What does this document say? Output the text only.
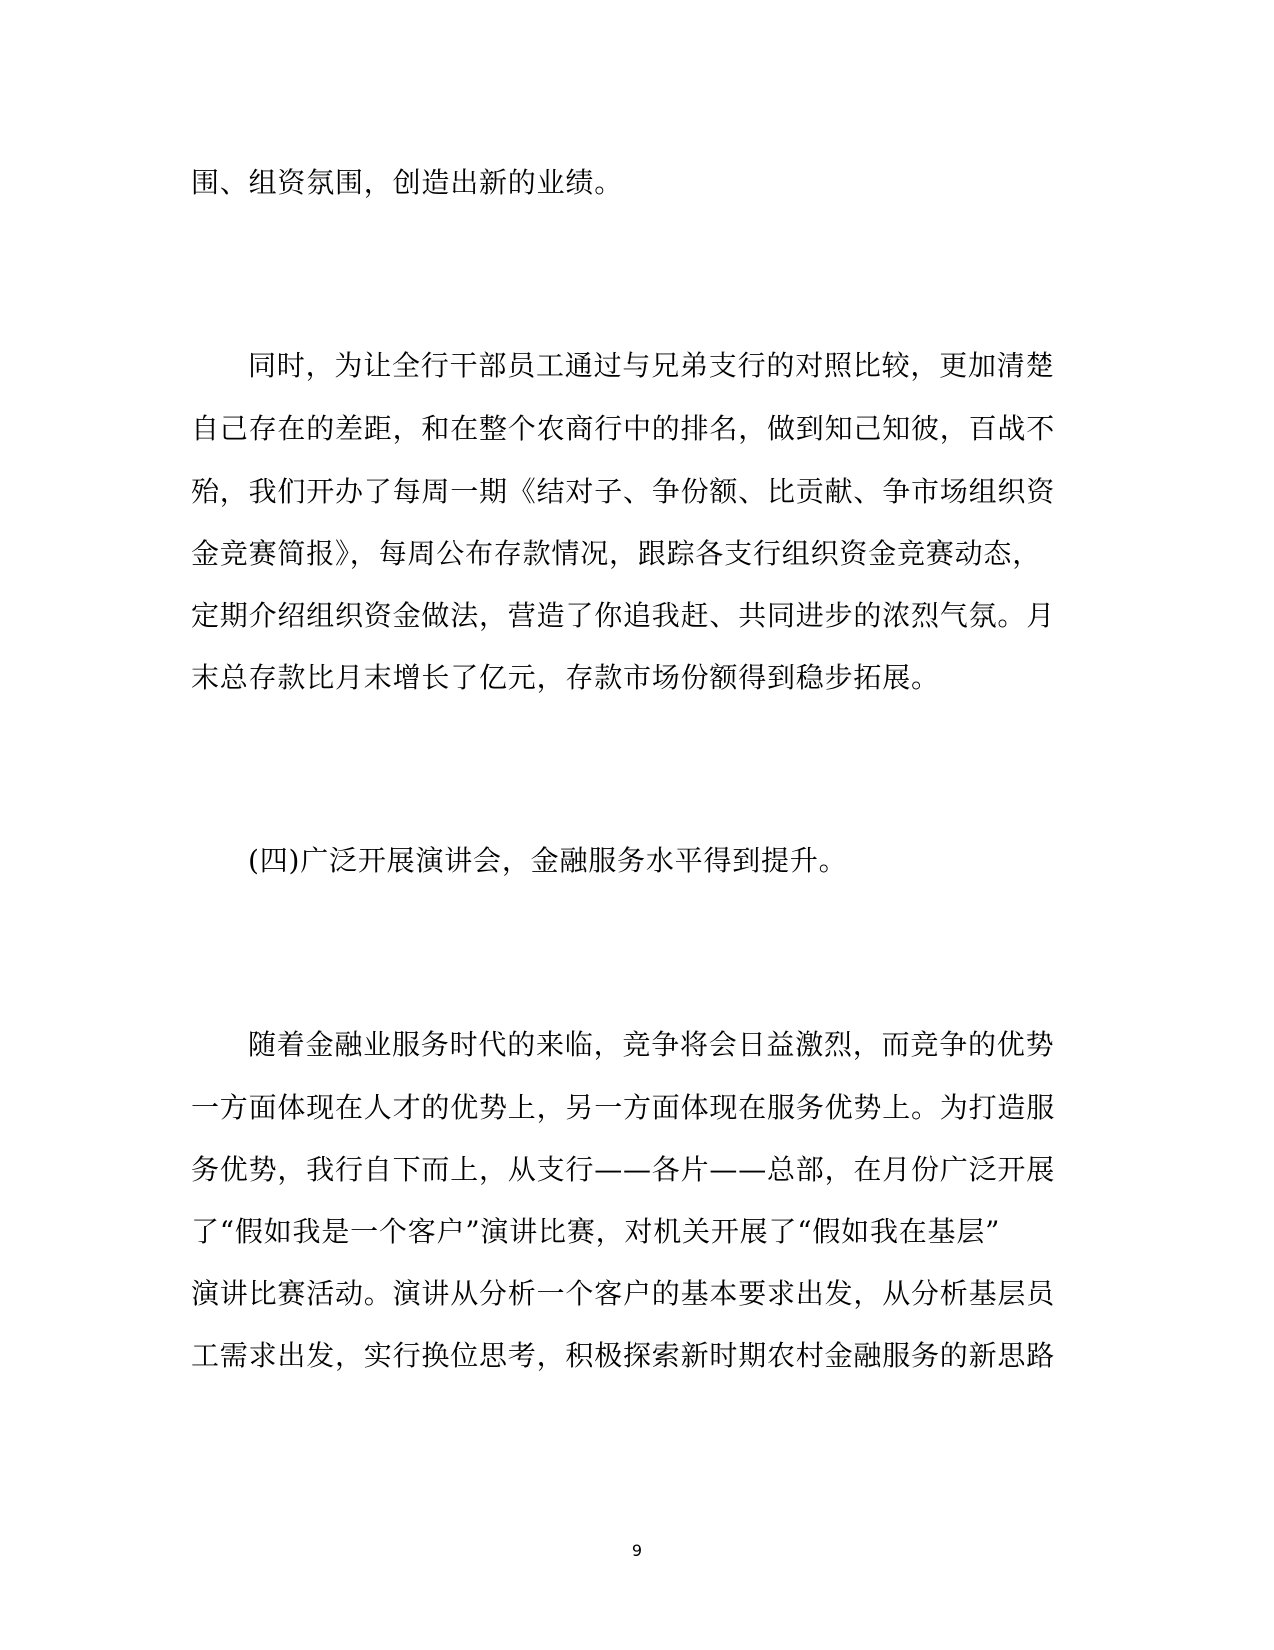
围、组资氛围，创造出新的业绩。
同时，为让全行干部员工通过与兄弟支行的对照比较，更加清楚
自己存在的差距，和在整个农商行中的排名，做到知己知彼，百战不
殆，我们开办了每周一期《结对子、争份额、比贡献、争市场组织资
金竞赛简报》，每周公布存款情况，跟踪各支行组织资金竞赛动态，
定期介绍组织资金做法，营造了你追我赶、共同进步的浓烈气氛。月
末总存款比月末增长了亿元，存款市场份额得到稳步拓展。
(四)广泛开展演讲会，金融服务水平得到提升。
随着金融业服务时代的来临，竞争将会日益激烈，而竞争的优势
一方面体现在人才的优势上，另一方面体现在服务优势上。为打造服
务优势，我行自下而上，从支行——各片——总部，在月份广泛开展
了“假如我是一个客户”演讲比赛，对机关开展了“假如我在基层”
演讲比赛活动。演讲从分析一个客户的基本要求出发，从分析基层员
工需求出发，实行换位思考，积极探索新时期农村金融服务的新思路
9
